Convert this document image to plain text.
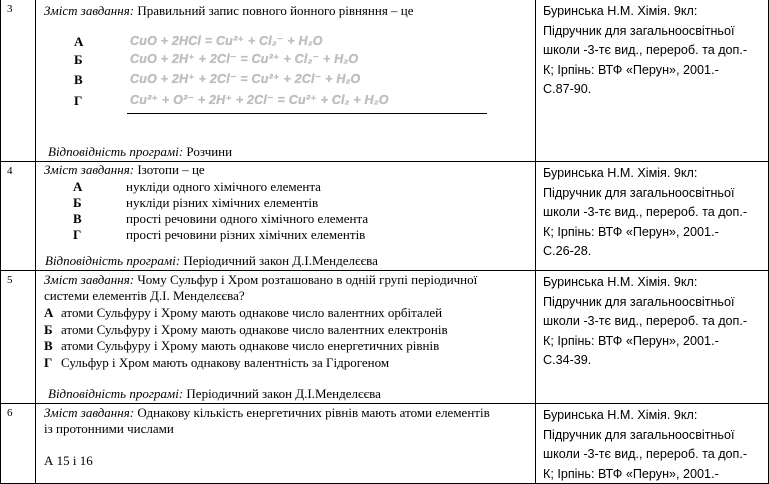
3	Зміст завдання: Правильний запис повного йонного рівняння – це
А	CuO + 2HCl = Cu²⁺ + Cl₂⁻ + H₂O
Б	CuO + 2H⁺ + 2Cl⁻ = Cu²⁺ + Cl₂⁻ + H₂O
В	CuO + 2H⁺ + 2Cl⁻ = Cu²⁺ + 2Cl⁻ + H₂O
Г	Cu²⁺ + O²⁻ + 2H⁺ + 2Cl⁻ = Cu²⁺ + Cl₂ + H₂O
Відповідність програмі: Розчини
Буринська Н.М. Хімія. 9кл:
Підручник для загальноосвітньої
школи -3-тє вид., перероб. та доп.-
К; Ірпінь: ВТФ «Перун», 2001.-
С.87-90.
4	Зміст завдання: Ізотопи – це
А	нукліди одного хімічного елемента
Б	нукліди різних хімічних елементів
В	прості речовини одного хімічного елемента
Г	прості речовини різних хімічних елементів
Відповідність програмі: Періодичний закон Д.І.Менделєєва
Буринська Н.М. Хімія. 9кл:
Підручник для загальноосвітньої
школи -3-тє вид., перероб. та доп.-
К; Ірпінь: ВТФ «Перун», 2001.-
С.26-28.
5	Зміст завдання: Чому Сульфур і Хром розташовано в одній групі періодичної
системи елементів Д.І. Менделєєва?
А атоми Сульфуру і Хрому мають однакове число валентних орбіталей
Б атоми Сульфуру і Хрому мають однакове число валентних електронів
В атоми Сульфуру і Хрому мають однакове число енергетичних рівнів
Г Сульфур і Хром мають однакову валентність за Гідрогеном
Відповідність програмі: Періодичний закон Д.І.Менделєєва
Буринська Н.М. Хімія. 9кл:
Підручник для загальноосвітньої
школи -3-тє вид., перероб. та доп.-
К; Ірпінь: ВТФ «Перун», 2001.-
С.34-39.
6	Зміст завдання: Однакову кількість енергетичних рівнів мають атоми елементів
із протонними числами
А 15 і 16
Буринська Н.М. Хімія. 9кл:
Підручник для загальноосвітньої
школи -3-тє вид., перероб. та доп.-
К; Ірпінь: ВТФ «Перун», 2001.-
